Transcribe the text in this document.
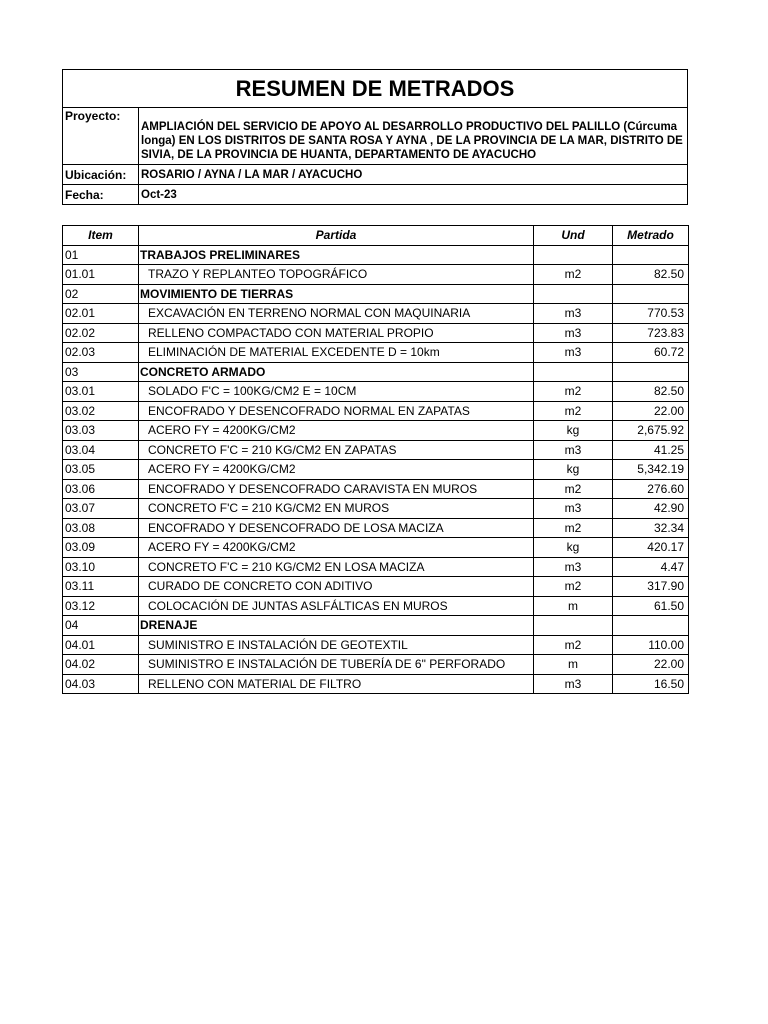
RESUMEN DE METRADOS	
Proyecto:	AMPLIACIÓN DEL SERVICIO DE APOYO AL DESARROLLO PRODUCTIVO DEL PALILLO (Cúrcuma longa) EN LOS DISTRITOS DE SANTA ROSA Y AYNA , DE LA PROVINCIA DE LA MAR, DISTRITO DE SIVIA, DE LA PROVINCIA DE HUANTA, DEPARTAMENTO DE AYACUCHO
Ubicación:	ROSARIO / AYNA / LA MAR / AYACUCHO
Fecha:	Oct-23
Item	Partida	Und	Metrado
01	TRABAJOS PRELIMINARES		
01.01	TRAZO Y REPLANTEO TOPOGRÁFICO	m2	82.50
02	MOVIMIENTO DE TIERRAS		
02.01	EXCAVACIÓN EN TERRENO NORMAL CON MAQUINARIA	m3	770.53
02.02	RELLENO COMPACTADO CON MATERIAL PROPIO	m3	723.83
02.03	ELIMINACIÓN DE MATERIAL EXCEDENTE D = 10km	m3	60.72
03	CONCRETO ARMADO		
03.01	SOLADO F'C = 100KG/CM2 E = 10CM	m2	82.50
03.02	ENCOFRADO Y DESENCOFRADO NORMAL EN ZAPATAS	m2	22.00
03.03	ACERO FY = 4200KG/CM2	kg	2,675.92
03.04	CONCRETO F'C = 210 KG/CM2 EN ZAPATAS	m3	41.25
03.05	ACERO FY = 4200KG/CM2	kg	5,342.19
03.06	ENCOFRADO Y DESENCOFRADO CARAVISTA EN MUROS	m2	276.60
03.07	CONCRETO F'C = 210 KG/CM2 EN MUROS	m3	42.90
03.08	ENCOFRADO Y DESENCOFRADO DE LOSA MACIZA	m2	32.34
03.09	ACERO FY = 4200KG/CM2	kg	420.17
03.10	CONCRETO F'C = 210 KG/CM2 EN LOSA MACIZA	m3	4.47
03.11	CURADO DE CONCRETO CON ADITIVO	m2	317.90
03.12	COLOCACIÓN DE JUNTAS ASLFÁLTICAS EN MUROS	m	61.50
04	DRENAJE		
04.01	SUMINISTRO E INSTALACIÓN DE GEOTEXTIL	m2	110.00
04.02	SUMINISTRO E INSTALACIÓN DE TUBERÍA DE 6" PERFORADO	m	22.00
04.03	RELLENO CON MATERIAL DE FILTRO	m3	16.50
